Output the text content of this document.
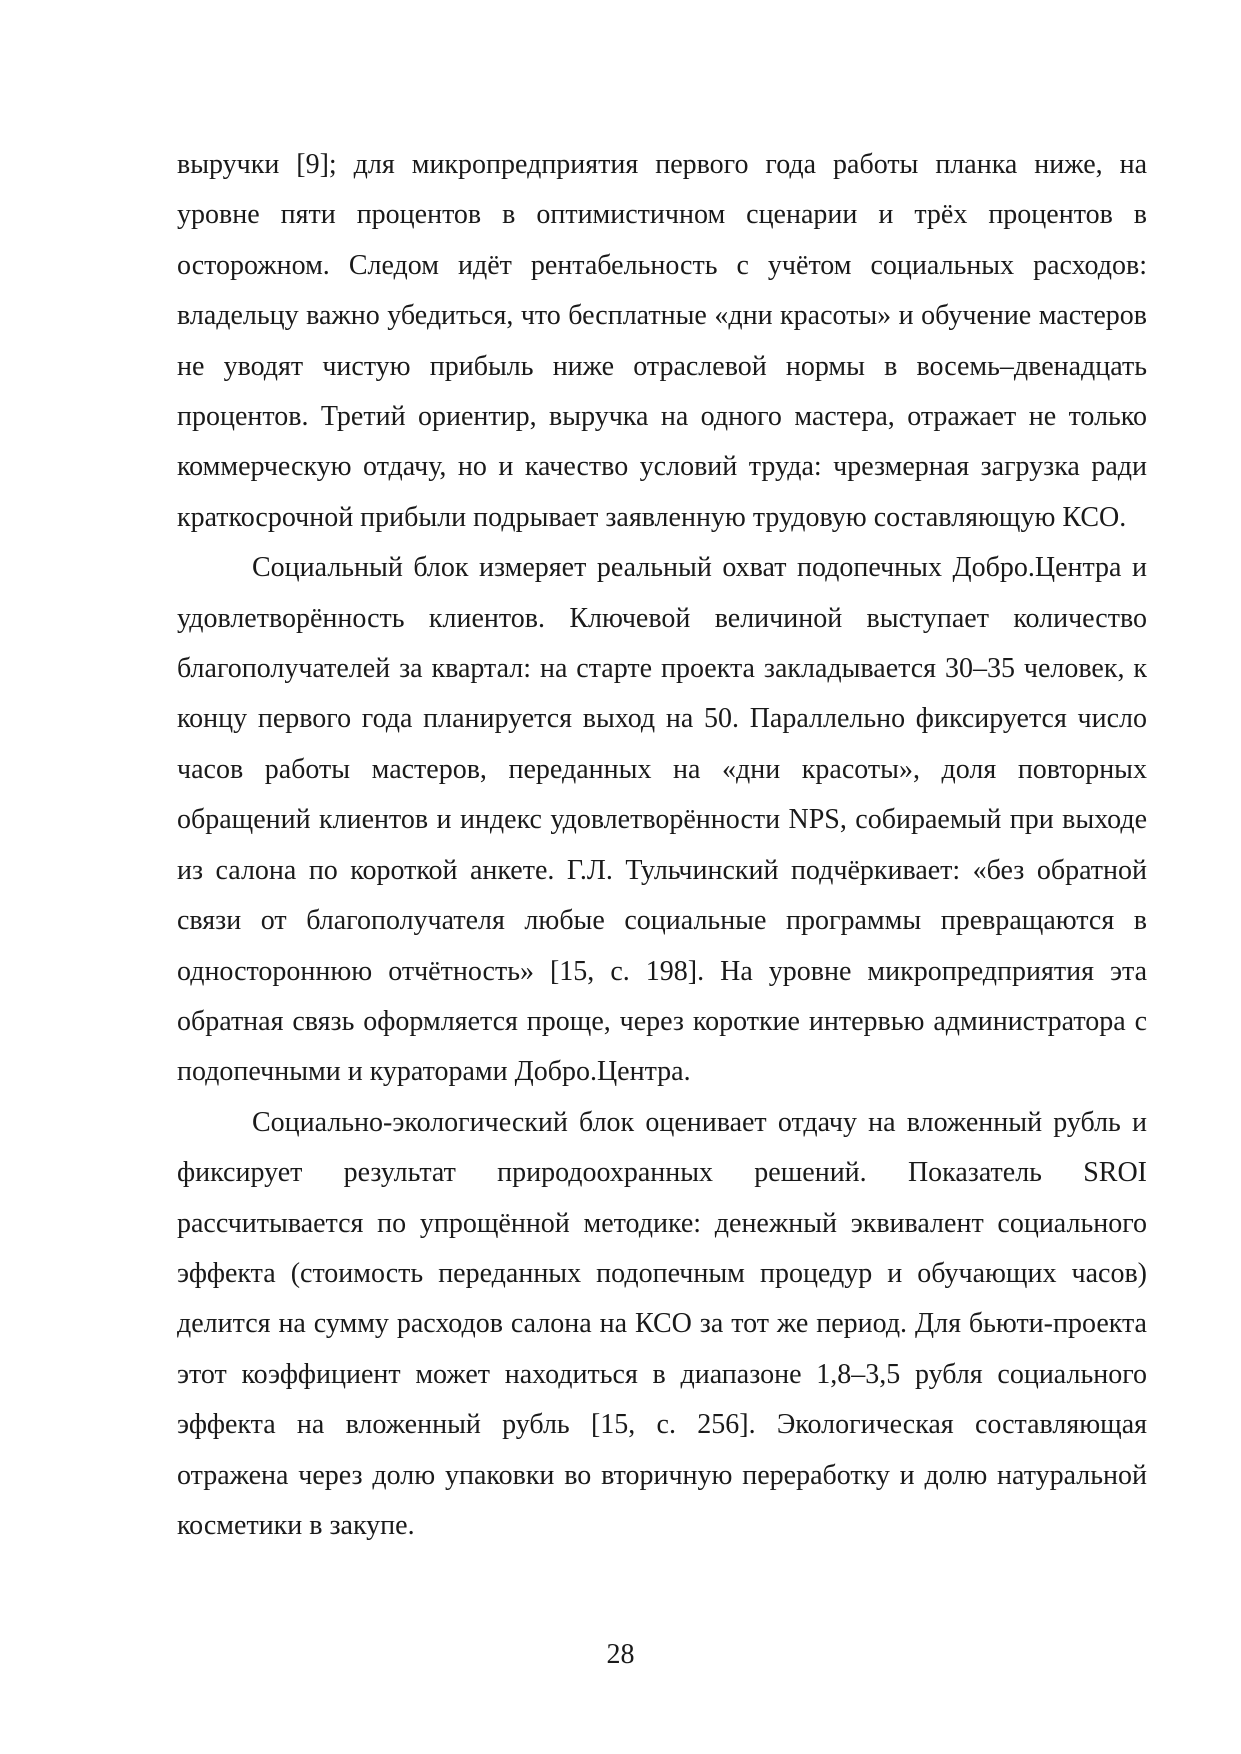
выручки [9]; для микропредприятия первого года работы планка ниже, на уровне пяти процентов в оптимистичном сценарии и трёх процентов в осторожном. Следом идёт рентабельность с учётом социальных расходов: владельцу важно убедиться, что бесплатные «дни красоты» и обучение мастеров не уводят чистую прибыль ниже отраслевой нормы в восемь–двенадцать процентов. Третий ориентир, выручка на одного мастера, отражает не только коммерческую отдачу, но и качество условий труда: чрезмерная загрузка ради краткосрочной прибыли подрывает заявленную трудовую составляющую КСО.

Социальный блок измеряет реальный охват подопечных Добро.Центра и удовлетворённость клиентов. Ключевой величиной выступает количество благополучателей за квартал: на старте проекта закладывается 30–35 человек, к концу первого года планируется выход на 50. Параллельно фиксируется число часов работы мастеров, переданных на «дни красоты», доля повторных обращений клиентов и индекс удовлетворённости NPS, собираемый при выходе из салона по короткой анкете. Г.Л. Тульчинский подчёркивает: «без обратной связи от благополучателя любые социальные программы превращаются в одностороннюю отчётность» [15, с. 198]. На уровне микропредприятия эта обратная связь оформляется проще, через короткие интервью администратора с подопечными и кураторами Добро.Центра.

Социально-экологический блок оценивает отдачу на вложенный рубль и фиксирует результат природоохранных решений. Показатель SROI рассчитывается по упрощённой методике: денежный эквивалент социального эффекта (стоимость переданных подопечным процедур и обучающих часов) делится на сумму расходов салона на КСО за тот же период. Для бьюти-проекта этот коэффициент может находиться в диапазоне 1,8–3,5 рубля социального эффекта на вложенный рубль [15, с. 256]. Экологическая составляющая отражена через долю упаковки во вторичную переработку и долю натуральной косметики в закупе.

28
